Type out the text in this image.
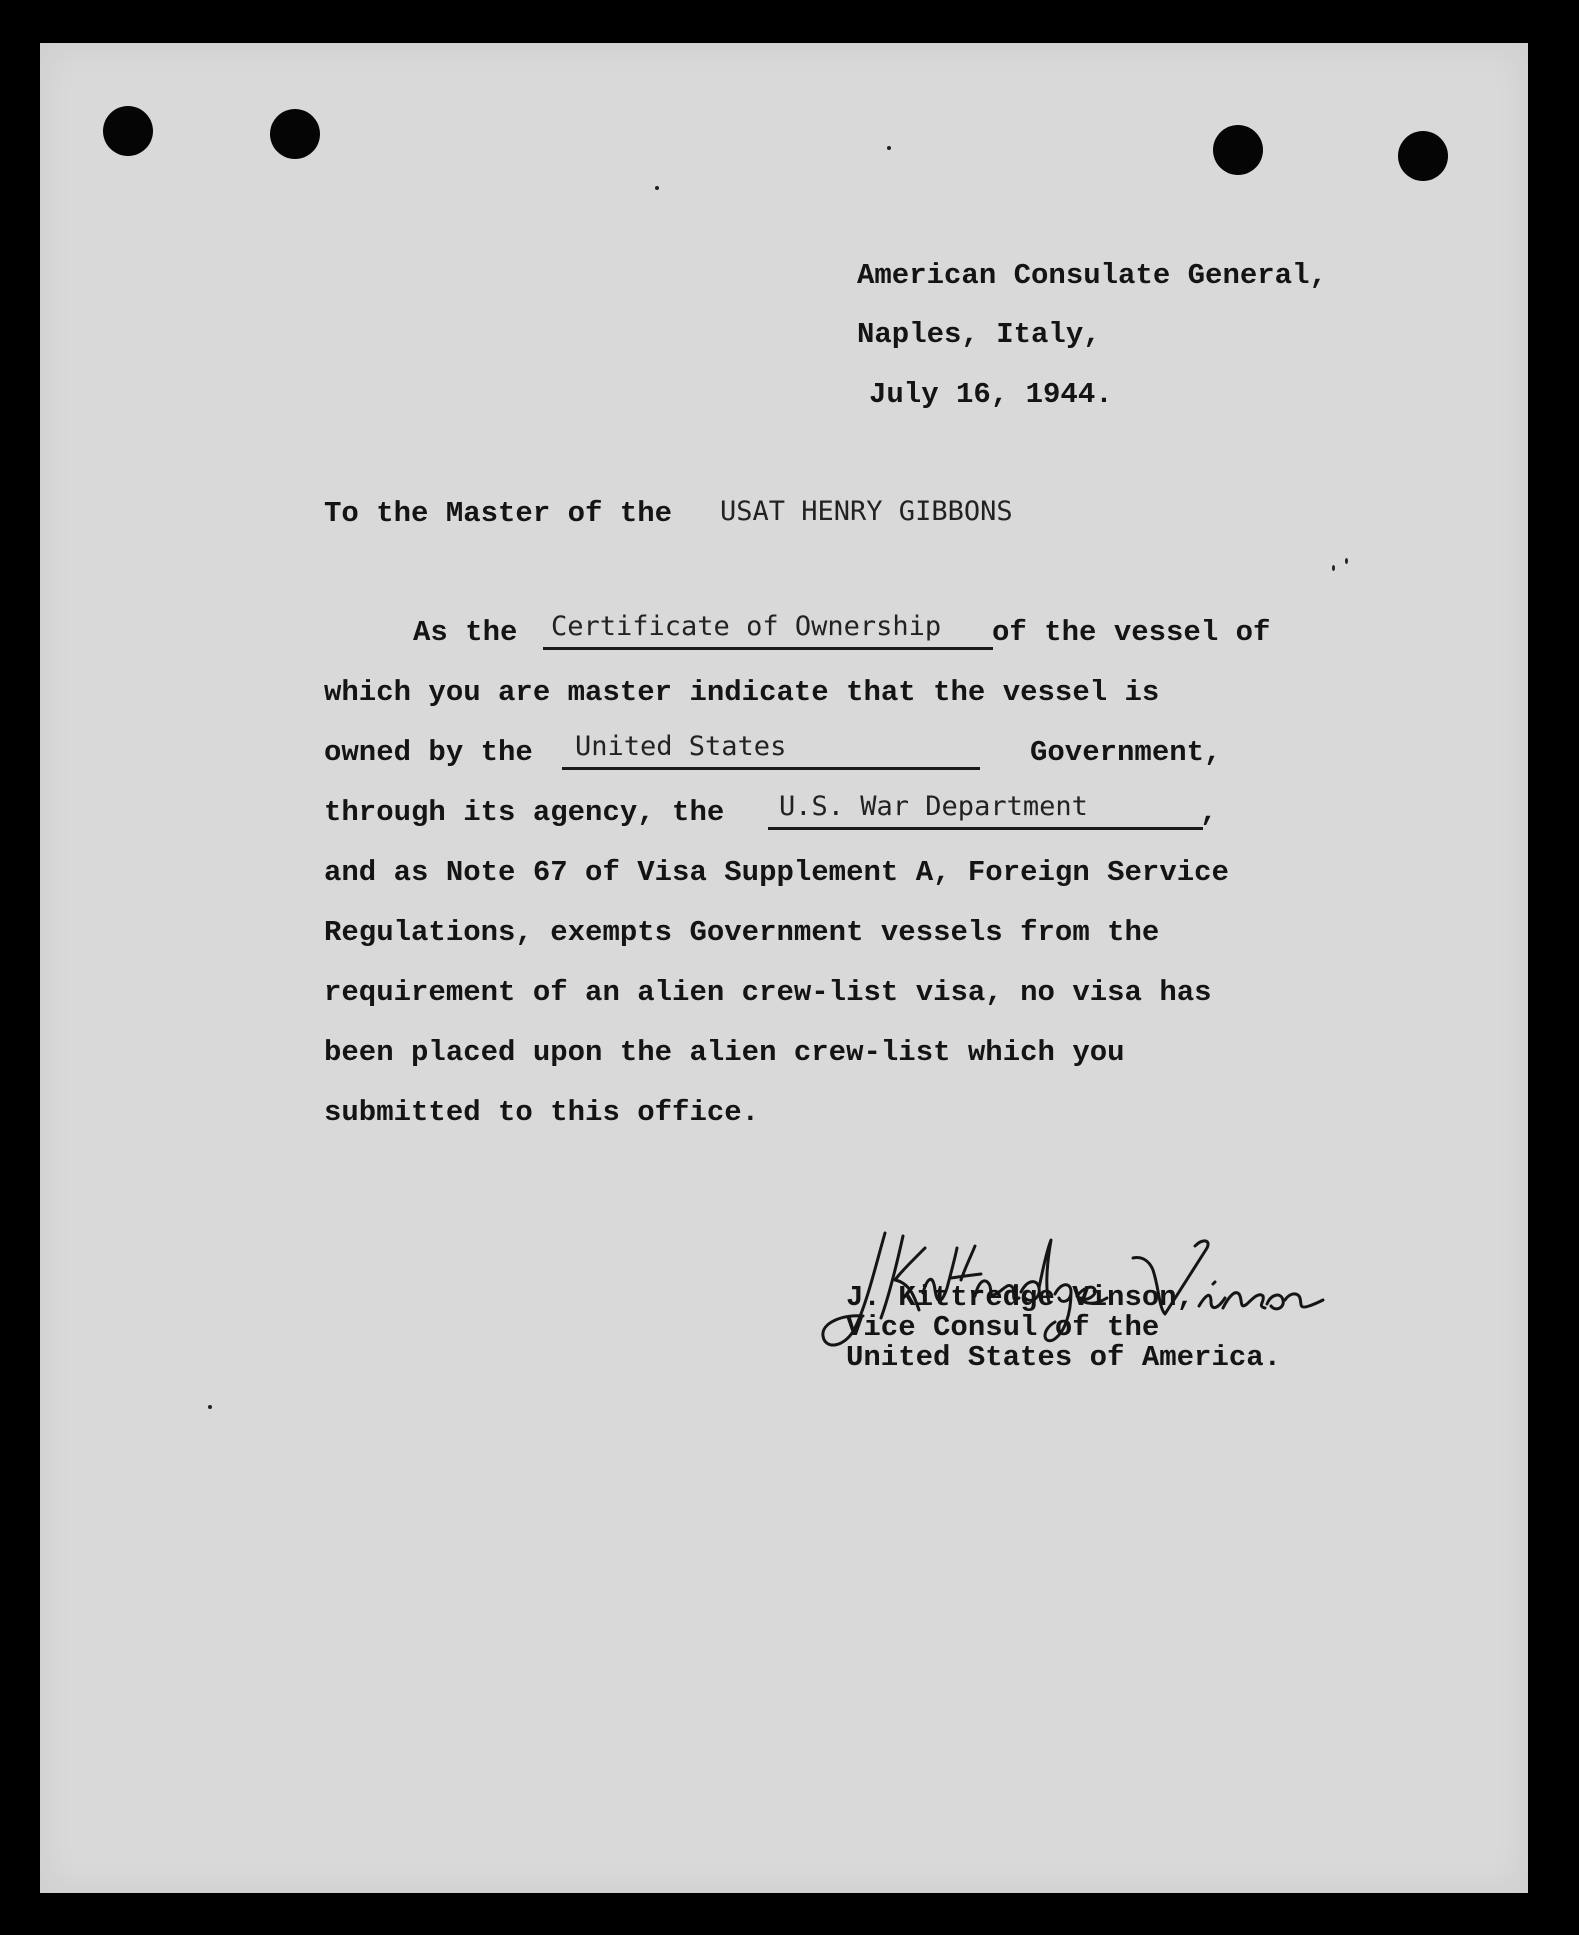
American Consulate General,
Naples, Italy,
July 16, 1944.
To the Master of the USAT HENRY GIBBONS
As the Certificate of Ownership of the vessel of
which you are master indicate that the vessel is
owned by the United States	Government,
through its agency, the U.S. War Department	,
and as Note 67 of Visa Supplement A, Foreign Service
Regulations, exempts Government vessels from the
requirement of an alien crew-list visa, no visa has
been placed upon the alien crew-list which you
submitted to this office.
J. Kittredge Vinson,
Vice Consul of the
United States of America.
